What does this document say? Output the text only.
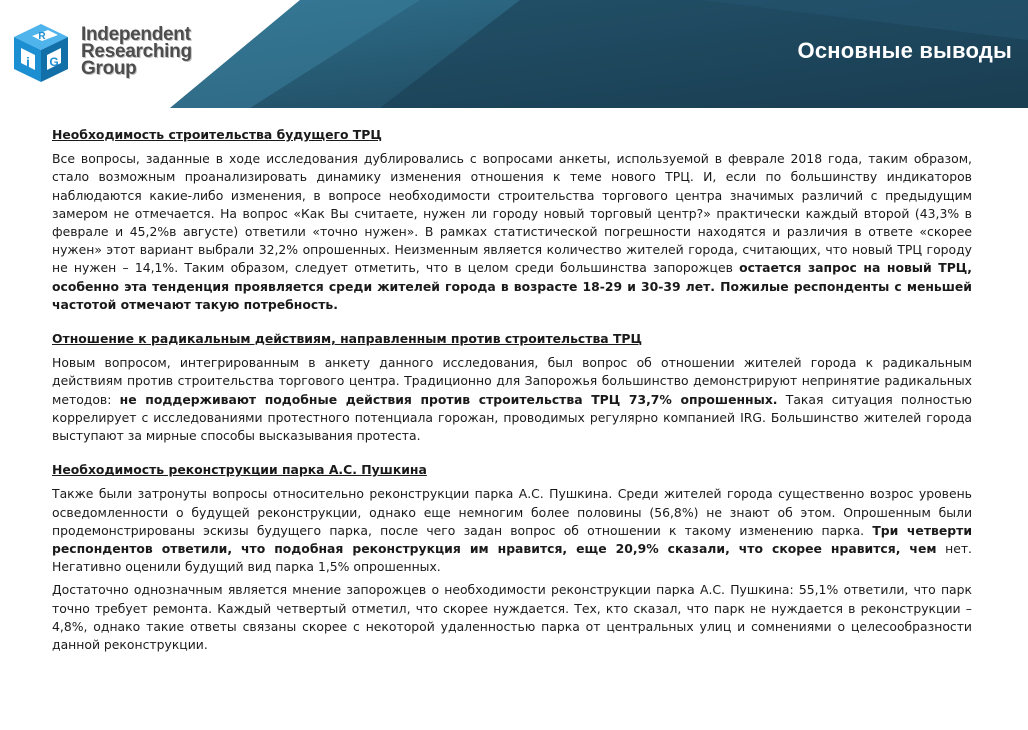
R
i G
Independent
Researching
Group
Основные выводы
Необходимость строительства будущего ТРЦ

Все вопросы, заданные в ходе исследования дублировались с вопросами анкеты, используемой в феврале 2018 года, таким образом, стало возможным проанализировать динамику изменения отношения к теме нового ТРЦ. И, если по большинству индикаторов наблюдаются какие-либо изменения, в вопросе необходимости строительства торгового центра значимых различий с предыдущим замером не отмечается. На вопрос «Как Вы считаете, нужен ли городу новый торговый центр?» практически каждый второй (43,3% в феврале и 45,2%в августе) ответили «точно нужен». В рамках статистической погрешности находятся и различия в ответе «скорее нужен» этот вариант выбрали 32,2% опрошенных. Неизменным является количество жителей города, считающих, что новый ТРЦ городу не нужен – 14,1%. Таким образом, следует отметить, что в целом среди большинства запорожцев остается запрос на новый ТРЦ, особенно эта тенденция проявляется среди жителей города в возрасте 18-29 и 30-39 лет. Пожилые респонденты с меньшей частотой отмечают такую потребность.

Отношение к радикальным действиям, направленным против строительства ТРЦ

Новым вопросом, интегрированным в анкету данного исследования, был вопрос об отношении жителей города к радикальным действиям против строительства торгового центра. Традиционно для Запорожья большинство демонстрируют непринятие радикальных методов: не поддерживают подобные действия против строительства ТРЦ 73,7% опрошенных. Такая ситуация полностью коррелирует с исследованиями протестного потенциала горожан, проводимых регулярно компанией IRG. Большинство жителей города выступают за мирные способы высказывания протеста.

Необходимость реконструкции парка А.С. Пушкина

Также были затронуты вопросы относительно реконструкции парка А.С. Пушкина. Среди жителей города существенно возрос уровень осведомленности о будущей реконструкции, однако еще немногим более половины (56,8%) не знают об этом. Опрошенным были продемонстрированы эскизы будущего парка, после чего задан вопрос об отношении к такому изменению парка. Три четверти респондентов ответили, что подобная реконструкция им нравится, еще 20,9% сказали, что скорее нравится, чем нет. Негативно оценили будущий вид парка 1,5% опрошенных.

Достаточно однозначным является мнение запорожцев о необходимости реконструкции парка А.С. Пушкина: 55,1% ответили, что парк точно требует ремонта. Каждый четвертый отметил, что скорее нуждается. Тех, кто сказал, что парк не нуждается в реконструкции – 4,8%, однако такие ответы связаны скорее с некоторой удаленностью парка от центральных улиц и сомнениями о целесообразности данной реконструкции.
